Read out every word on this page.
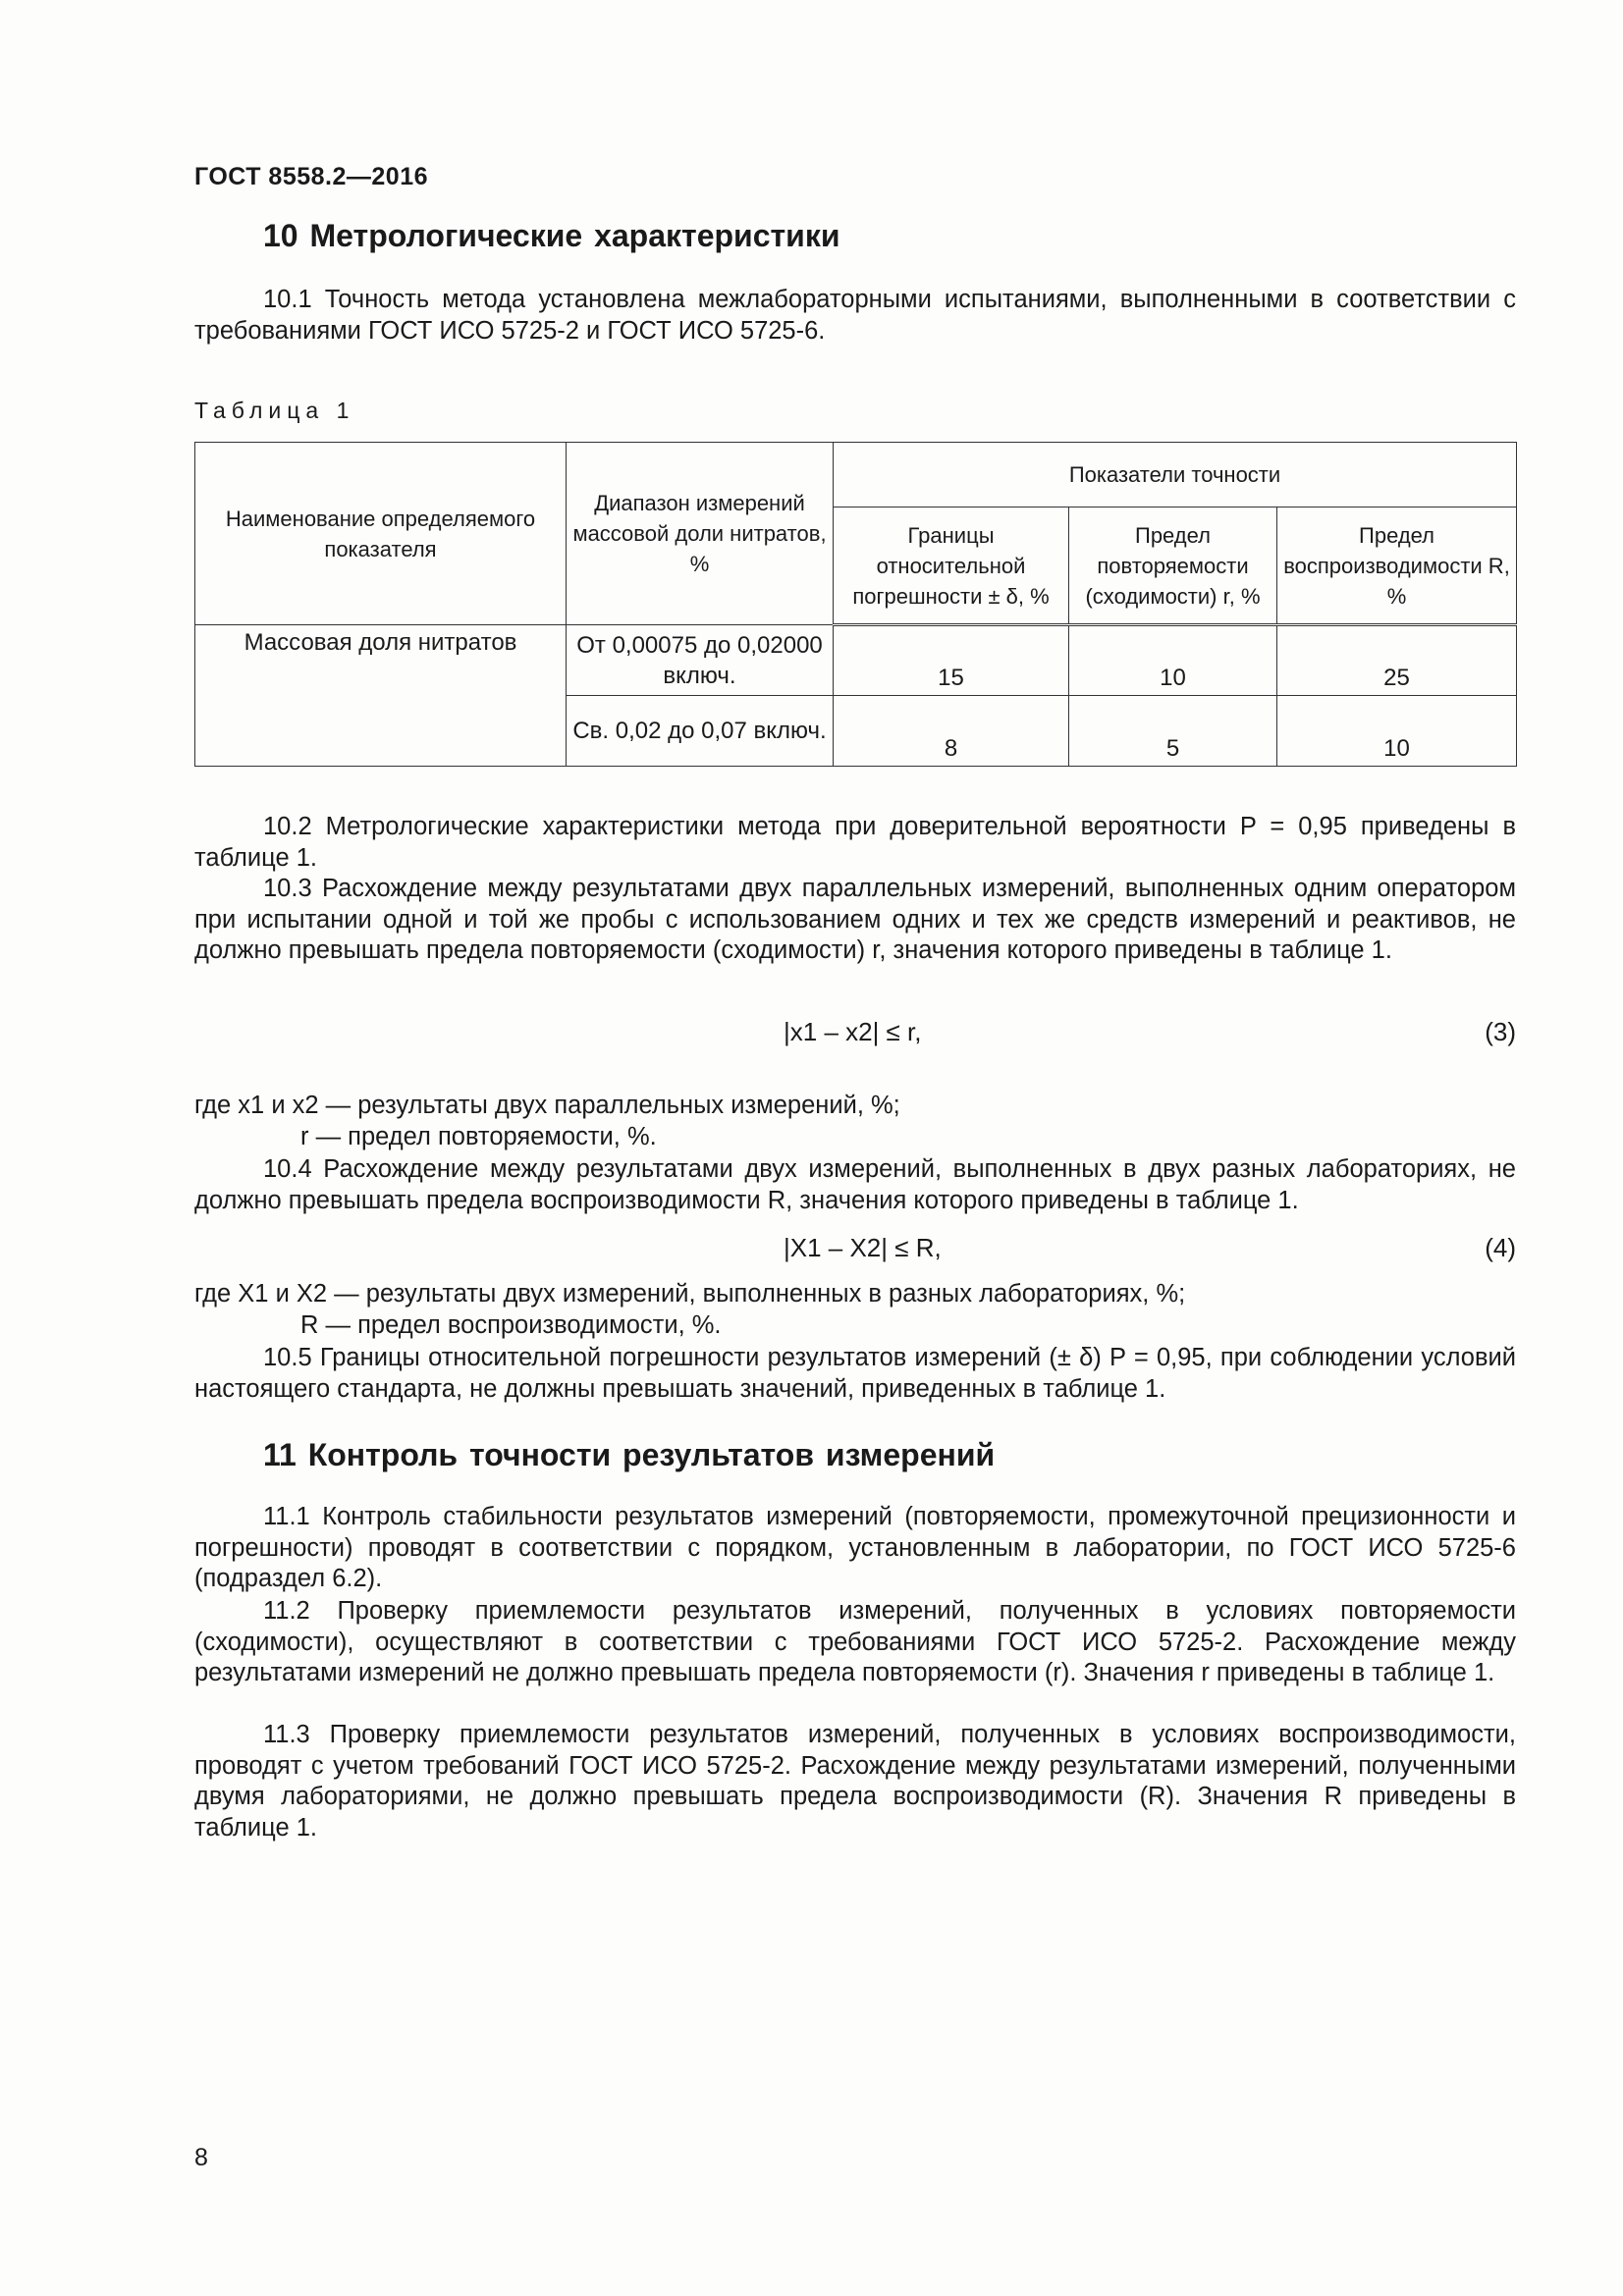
ГОСТ 8558.2—2016
10 Метрологические характеристики

10.1 Точность метода установлена межлабораторными испытаниями, выполненными в соответствии с требованиями ГОСТ ИСО 5725-2 и ГОСТ ИСО 5725-6.

Таблица 1
Наименование определяемого показателя	Диапазон измерений массовой доли нитратов, %	Показатели точности		
		Границы относительной погрешности ± δ, %	Предел повторяемости (сходимости) r, %	Предел воспроизводимости R, %
Массовая доля нитратов	От 0,00075 до 0,02000 включ.	15	10	25
	Св. 0,02 до 0,07 включ.	8	5	10

10.2 Метрологические характеристики метода при доверительной вероятности P = 0,95 приведены в таблице 1.

10.3 Расхождение между результатами двух параллельных измерений, выполненных одним оператором при испытании одной и той же пробы с использованием одних и тех же средств измерений и реактивов, не должно превышать предела повторяемости (сходимости) r, значения которого приведены в таблице 1.

|x1 – x2| ≤ r,	(3)
где x1 и x2 — результаты двух параллельных измерений, %;
r — предел повторяемости, %.

10.4 Расхождение между результатами двух измерений, выполненных в двух разных лабораториях, не должно превышать предела воспроизводимости R, значения которого приведены в таблице 1.

|X1 – X2| ≤ R,	(4)
где X1 и X2 — результаты двух измерений, выполненных в разных лабораториях, %;
R — предел воспроизводимости, %.

10.5 Границы относительной погрешности результатов измерений (± δ) P = 0,95, при соблюдении условий настоящего стандарта, не должны превышать значений, приведенных в таблице 1.

11 Контроль точности результатов измерений

11.1 Контроль стабильности результатов измерений (повторяемости, промежуточной прецизионности и погрешности) проводят в соответствии с порядком, установленным в лаборатории, по ГОСТ ИСО 5725-6 (подраздел 6.2).

11.2 Проверку приемлемости результатов измерений, полученных в условиях повторяемости (сходимости), осуществляют в соответствии с требованиями ГОСТ ИСО 5725-2. Расхождение между результатами измерений не должно превышать предела повторяемости (r). Значения r приведены в таблице 1.

11.3 Проверку приемлемости результатов измерений, полученных в условиях воспроизводимости, проводят с учетом требований ГОСТ ИСО 5725-2. Расхождение между результатами измерений, полученными двумя лабораториями, не должно превышать предела воспроизводимости (R). Значения R приведены в таблице 1.

8
